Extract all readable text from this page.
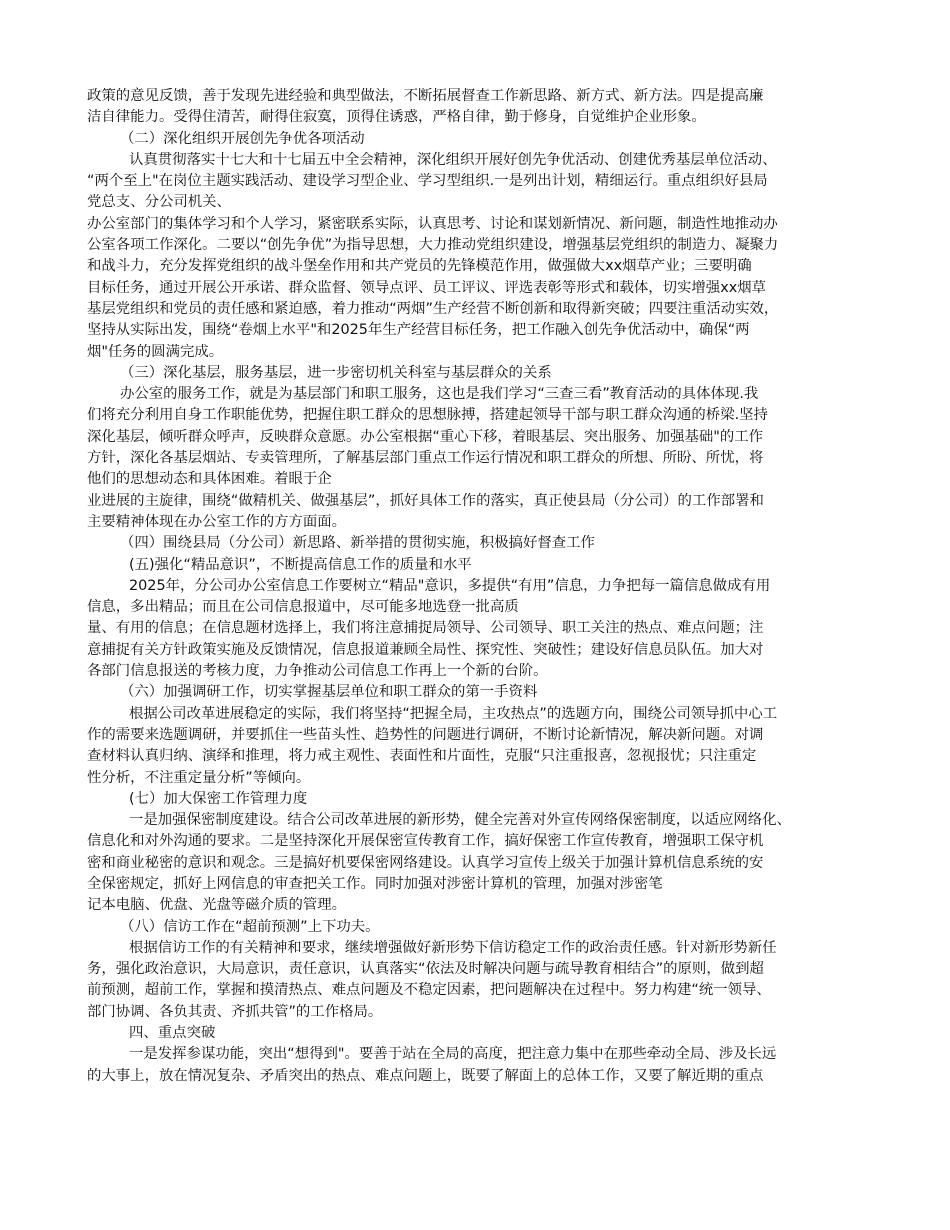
政策的意见反馈，善于发现先进经验和典型做法，不断拓展督查工作新思路、新方式、新方法。四是提高廉
洁自律能力。受得住清苦，耐得住寂寞，顶得住诱惑，严格自律，勤于修身，自觉维护企业形象。
（二）深化组织开展创先争优各项活动
认真贯彻落实十七大和十七届五中全会精神，深化组织开展好创先争优活动、创建优秀基层单位活动、
“两个至上"在岗位主题实践活动、建设学习型企业、学习型组织.一是列出计划，精细运行。重点组织好县局
党总支、分公司机关、
办公室部门的集体学习和个人学习，紧密联系实际，认真思考、讨论和谋划新情况、新问题，制造性地推动办
公室各项工作深化。二要以“创先争优”为指导思想，大力推动党组织建设，增强基层党组织的制造力、凝聚力
和战斗力，充分发挥党组织的战斗堡垒作用和共产党员的先锋模范作用，做强做大xx烟草产业；三要明确
目标任务，通过开展公开承诺、群众监督、领导点评、员工评议、评选表彰等形式和载体，切实增强xx烟草
基层党组织和党员的责任感和紧迫感，着力推动“两烟”生产经营不断创新和取得新突破；四要注重活动实效，
坚持从实际出发，围绕“卷烟上水平"和2025年生产经营目标任务，把工作融入创先争优活动中，确保“两
烟"任务的圆满完成。
（三）深化基层，服务基层，进一步密切机关科室与基层群众的关系
办公室的服务工作，就是为基层部门和职工服务，这也是我们学习“三查三看”教育活动的具体体现.我
们将充分利用自身工作职能优势，把握住职工群众的思想脉搏，搭建起领导干部与职工群众沟通的桥梁.坚持
深化基层，倾听群众呼声，反映群众意愿。办公室根据“重心下移，着眼基层、突出服务、加强基础"的工作
方针，深化各基层烟站、专卖管理所，了解基层部门重点工作运行情况和职工群众的所想、所盼、所忧，将
他们的思想动态和具体困难。着眼于企
业进展的主旋律，围绕“做精机关、做强基层”，抓好具体工作的落实，真正使县局（分公司）的工作部署和
主要精神体现在办公室工作的方方面面。
（四）围绕县局（分公司）新思路、新举措的贯彻实施，积极搞好督查工作
(五)强化“精品意识”，不断提高信息工作的质量和水平
2025年，分公司办公室信息工作要树立“精品"意识，多提供“有用”信息，力争把每一篇信息做成有用
信息，多出精品；而且在公司信息报道中，尽可能多地选登一批高质
量、有用的信息；在信息题材选择上，我们将注意捕捉局领导、公司领导、职工关注的热点、难点问题；注
意捕捉有关方针政策实施及反馈情况，信息报道兼顾全局性、探究性、突破性；建设好信息员队伍。加大对
各部门信息报送的考核力度，力争推动公司信息工作再上一个新的台阶。
（六）加强调研工作，切实掌握基层单位和职工群众的第一手资料
根据公司改革进展稳定的实际，我们将坚持“把握全局，主攻热点”的选题方向，围绕公司领导抓中心工
作的需要来选题调研，并要抓住一些苗头性、趋势性的问题进行调研，不断讨论新情况，解决新问题。对调
查材料认真归纳、演绎和推理，将力戒主观性、表面性和片面性，克服“只注重报喜，忽视报忧；只注重定
性分析，不注重定量分析”等倾向。
(七）加大保密工作管理力度
一是加强保密制度建设。结合公司改革进展的新形势，健全完善对外宣传网络保密制度，以适应网络化、
信息化和对外沟通的要求。二是坚持深化开展保密宣传教育工作，搞好保密工作宣传教育，增强职工保守机
密和商业秘密的意识和观念。三是搞好机要保密网络建设。认真学习宣传上级关于加强计算机信息系统的安
全保密规定，抓好上网信息的审查把关工作。同时加强对涉密计算机的管理，加强对涉密笔
记本电脑、优盘、光盘等磁介质的管理。
（八）信访工作在“超前预测”上下功夫。
根据信访工作的有关精神和要求，继续增强做好新形势下信访稳定工作的政治责任感。针对新形势新任
务，强化政治意识，大局意识，责任意识，认真落实“依法及时解决问题与疏导教育相结合”的原则，做到超
前预测，超前工作，掌握和摸清热点、难点问题及不稳定因素，把问题解决在过程中。努力构建“统一领导、
部门协调、各负其责、齐抓共管”的工作格局。
四、重点突破
一是发挥参谋功能，突出“想得到"。要善于站在全局的高度，把注意力集中在那些牵动全局、涉及长远
的大事上，放在情况复杂、矛盾突出的热点、难点问题上，既要了解面上的总体工作，又要了解近期的重点
